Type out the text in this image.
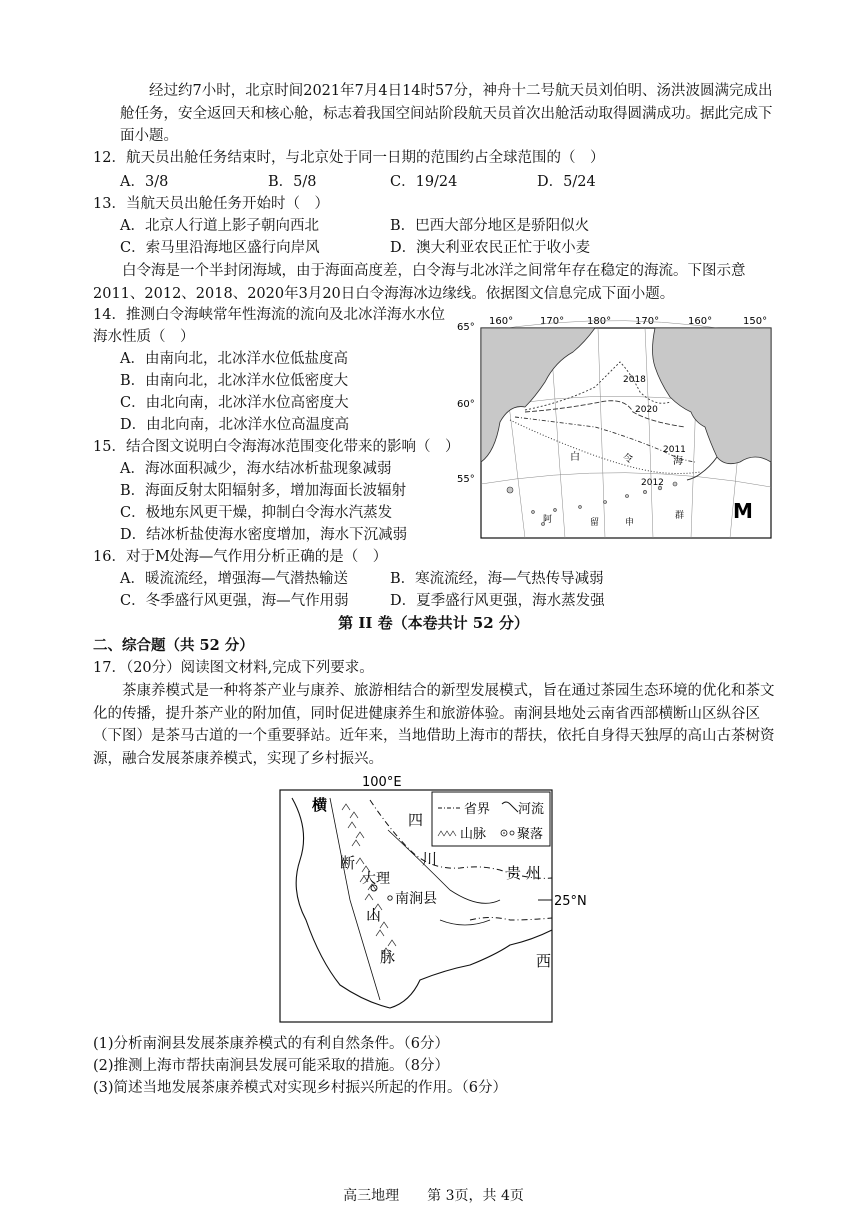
经过约7小时，北京时间2021年7月4日14时57分，神舟十二号航天员刘伯明、汤洪波圆满完成出舱任务，安全返回天和核心舱，标志着我国空间站阶段航天员首次出舱活动取得圆满成功。据此完成下面小题。
12．航天员出舱任务结束时，与北京处于同一日期的范围约占全球范围的（　）
A．3/8	B．5/8	C．19/24	D．5/24
13．当航天员出舱任务开始时（　）
A．北京人行道上影子朝向西北	B．巴西大部分地区是骄阳似火
C．索马里沿海地区盛行向岸风	D．澳大利亚农民正忙于收小麦
白令海是一个半封闭海域，由于海面高度差，白令海与北冰洋之间常年存在稳定的海流。下图示意2011、2012、2018、2020年3月20日白令海海冰边缘线。依据图文信息完成下面小题。
14．推测白令海峡常年性海流的流向及北冰洋海水水位
海水性质（　）
A．由南向北，北冰洋水位低盐度高
B．由南向北，北冰洋水位低密度大
C．由北向南，北冰洋水位高密度大
D．由北向南，北冰洋水位高温度高
15．结合图文说明白令海海冰范围变化带来的影响（　）
A．海冰面积减少，海水结冰析盐现象减弱
B．海面反射太阳辐射多，增加海面长波辐射
C．极地东风更干燥，抑制白令海水汽蒸发
D．结冰析盐使海水密度增加，海水下沉减弱
16．对于M处海—气作用分析正确的是（　）
A．暖流流经，增强海—气潜热输送	B．寒流流经，海—气热传导减弱
C．冬季盛行风更强，海—气作用弱	D．夏季盛行风更强，海水蒸发强
第 II 卷（本卷共计 52 分）
二、综合题（共 52 分）
17．（20分）阅读图文材料,完成下列要求。
茶康养模式是一种将茶产业与康养、旅游相结合的新型发展模式，旨在通过茶园生态环境的优化和茶文化的传播，提升茶产业的附加值，同时促进健康养生和旅游体验。南涧县地处云南省西部横断山区纵谷区（下图）是茶马古道的一个重要驿站。近年来，当地借助上海市的帮扶，依托自身得天独厚的高山古茶树资源，融合发展茶康养模式，实现了乡村振兴。
(1)分析南涧县发展茶康养模式的有利自然条件。（6分）
(2)推测上海市帮扶南涧县发展可能采取的措施。（8分）
(3)简述当地发展茶康养模式对实现乡村振兴所起的作用。（6分）
160°	170° 180° 170°	160°	150°
65°
60°
55°
2018
2020
2011
2012
白	令	海
阿	留	申
群 M
100°E
省界 河流
山脉 聚落
横
断
山
脉
四
川
贵 州
西
大理
南涧县	25°N
高三地理　　第 3页，共 4页
